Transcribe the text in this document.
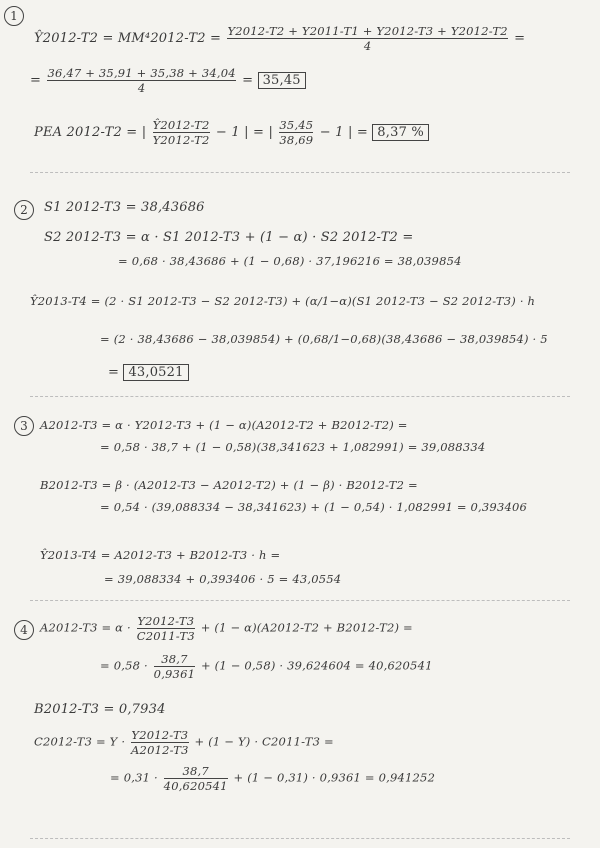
1
Ŷ2012-T2 = $MM^42012-T2 = \frac{Y2012-T2 + Y2011-T1 + Y2012-T3 + Y2012-T2}{4}$ =
= $\frac{36,47 + 35,91 + 35,38 + 34,04}{4} = 35,45$
PEA 2012-T2 = | $\frac{Ŷ2012-T2}{Y2012-T2} - 1$ | = | $\frac{35,45}{38,69} - 1$ | = 8,37 %
2	S1 2012-T3 = 38,43686
S2 2012-T3 = α · S1 2012-T3 + (1 − α) · S2 2012-T2 =
= 0,68 · 38,43686 + (1 − 0,68) · 37,196216 = 38,039854
Ŷ2013-T4 = (2 · S1 2012-T3 − S2 2012-T3) + (α/1−α)(S1 2012-T3 − S2 2012-T3) · h
= (2 · 38,43686 − 38,039854) + (0,68/1−0,68)(38,43686 − 38,039854) · 5
= 43,0521
3	A2012-T3 = α · Y2012-T3 + (1 − α)(A2012-T2 + B2012-T2) =
= 0,58 · 38,7 + (1 − 0,58)(38,341623 + 1,082991) = 39,088334
B2012-T3 = β · (A2012-T3 − A2012-T2) + (1 − β) · B2012-T2 =
= 0,54 · (39,088334 − 38,341623) + (1 − 0,54) · 1,082991 = 0,393406
Ŷ2013-T4 = A2012-T3 + B2012-T3 · h =
= 39,088334 + 0,393406 · 5 = 43,0554
4	$A2012-T3 = \alpha \cdot \frac{Y2012-T3}{C2011-T3} + (1 - \alpha)(A2012-T2 + B2012-T2)$ =
= $0,58 \cdot \frac{38,7}{0,9361} + (1 - 0,58) \cdot 39,624604 = 40,620541$
B2012-T3 = 0,7934
$C2012-T3 = Y \cdot \frac{Y2012-T3}{A2012-T3} + (1 - Y) \cdot C2011-T3$ =
= $0,31 \cdot \frac{38,7}{40,620541} + (1 - 0,31) \cdot 0,9361 = 0,941252$
